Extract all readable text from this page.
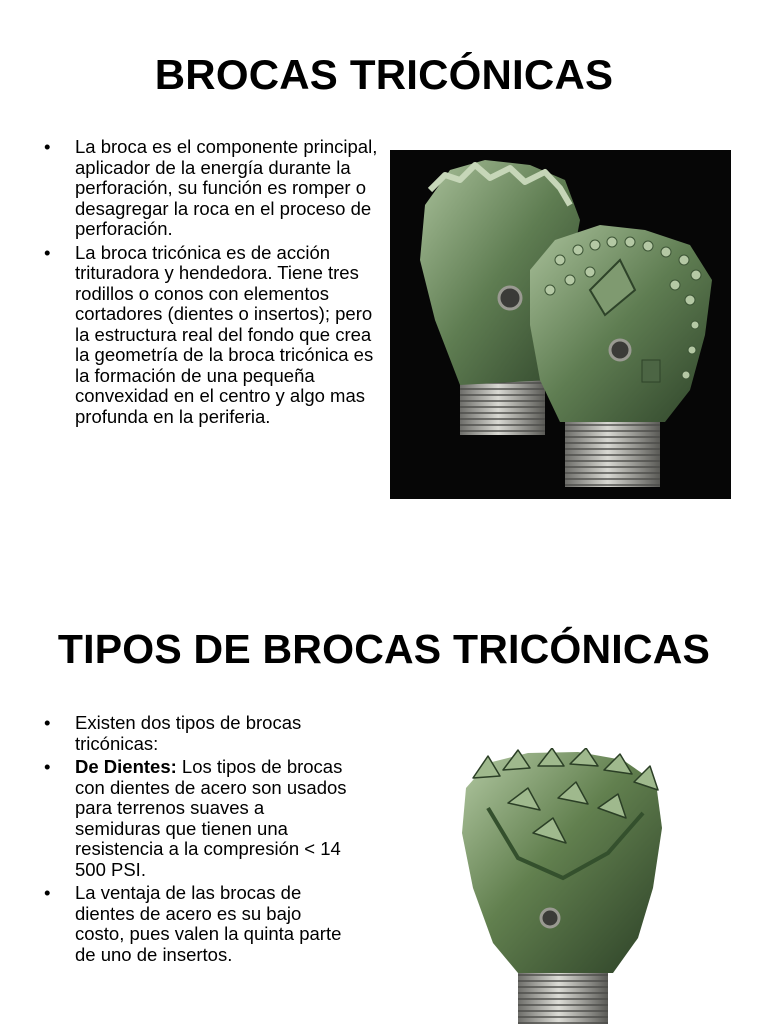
BROCAS TRICÓNICAS
•	La broca es el componente principal, aplicador de la energía durante la perforación, su función es romper o desagregar la roca en el proceso de perforación.
•	La broca tricónica es de acción trituradora y hendedora. Tiene tres rodillos o conos con elementos cortadores (dientes o insertos); pero la estructura real del fondo que crea la geometría de la broca tricónica es la formación de una pequeña convexidad en el centro y algo mas profunda en la periferia.
TIPOS DE BROCAS TRICÓNICAS
•	Existen dos tipos de brocas tricónicas:
•	De Dientes: Los tipos de brocas con dientes de acero son usados para terrenos suaves a semiduras que tienen una resistencia a la compresión < 14 500 PSI.
•	La ventaja de las brocas de dientes de acero es su bajo costo, pues valen la quinta parte de uno de insertos.
